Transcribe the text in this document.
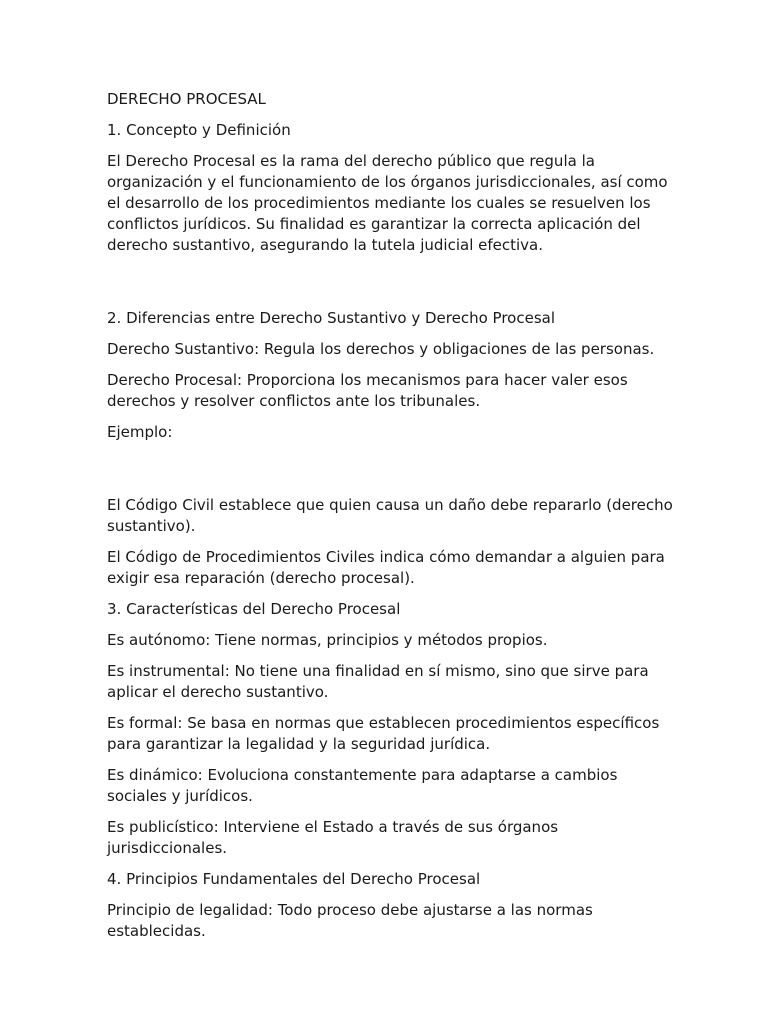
DERECHO PROCESAL

1. Concepto y Definición

El Derecho Procesal es la rama del derecho público que regula la organización y el funcionamiento de los órganos jurisdiccionales, así como el desarrollo de los procedimientos mediante los cuales se resuelven los conflictos jurídicos. Su finalidad es garantizar la correcta aplicación del derecho sustantivo, asegurando la tutela judicial efectiva.

2. Diferencias entre Derecho Sustantivo y Derecho Procesal

Derecho Sustantivo: Regula los derechos y obligaciones de las personas.

Derecho Procesal: Proporciona los mecanismos para hacer valer esos derechos y resolver conflictos ante los tribunales.

Ejemplo:

El Código Civil establece que quien causa un daño debe repararlo (derecho sustantivo).

El Código de Procedimientos Civiles indica cómo demandar a alguien para exigir esa reparación (derecho procesal).

3. Características del Derecho Procesal

Es autónomo: Tiene normas, principios y métodos propios.

Es instrumental: No tiene una finalidad en sí mismo, sino que sirve para aplicar el derecho sustantivo.

Es formal: Se basa en normas que establecen procedimientos específicos para garantizar la legalidad y la seguridad jurídica.

Es dinámico: Evoluciona constantemente para adaptarse a cambios sociales y jurídicos.

Es publicístico: Interviene el Estado a través de sus órganos jurisdiccionales.

4. Principios Fundamentales del Derecho Procesal

Principio de legalidad: Todo proceso debe ajustarse a las normas establecidas.
